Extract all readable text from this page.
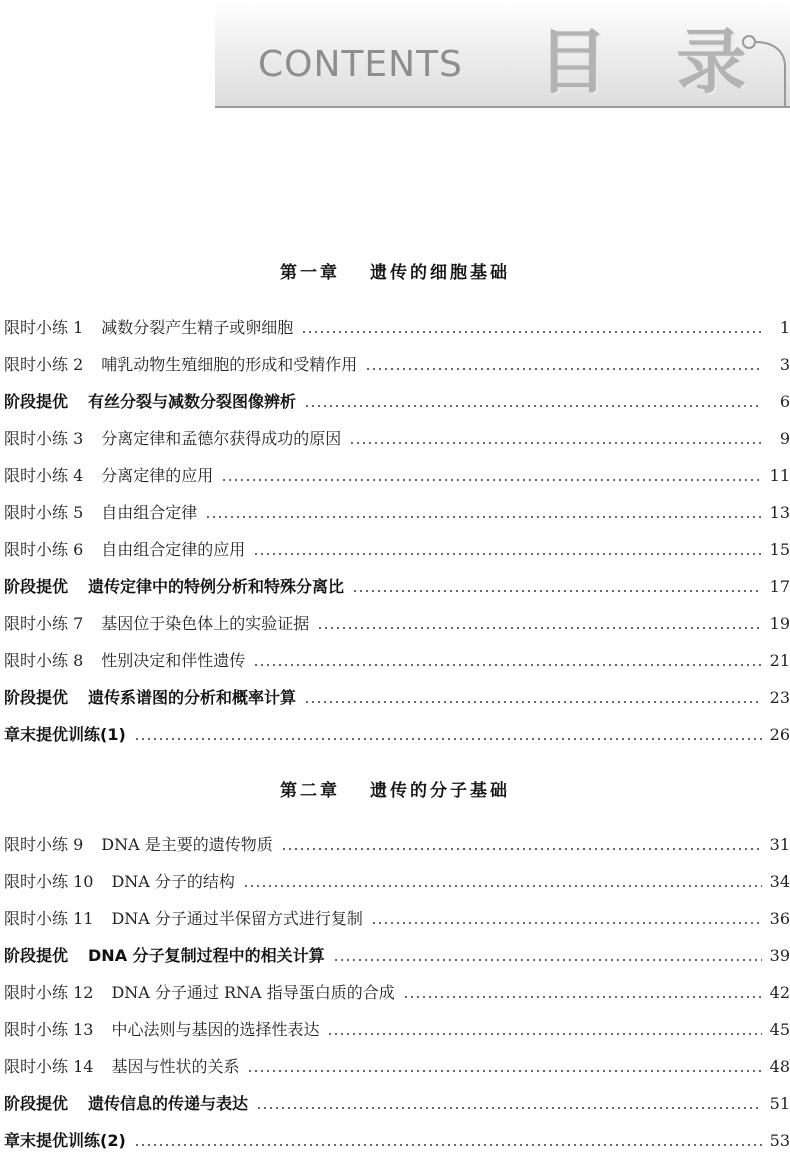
CONTENTS 目 录
第一章 遗传的细胞基础
限时小练 1 减数分裂产生精子或卵细胞	1
限时小练 2 哺乳动物生殖细胞的形成和受精作用	3
阶段提优 有丝分裂与减数分裂图像辨析	6
限时小练 3 分离定律和孟德尔获得成功的原因	9
限时小练 4 分离定律的应用	11
限时小练 5 自由组合定律	13
限时小练 6 自由组合定律的应用	15
阶段提优 遗传定律中的特例分析和特殊分离比	17
限时小练 7 基因位于染色体上的实验证据	19
限时小练 8 性别决定和伴性遗传	21
阶段提优 遗传系谱图的分析和概率计算	23
章末提优训练(1)	26
第二章 遗传的分子基础
限时小练 9 DNA 是主要的遗传物质	31
限时小练 10 DNA 分子的结构	34
限时小练 11 DNA 分子通过半保留方式进行复制	36
阶段提优 DNA 分子复制过程中的相关计算	39
限时小练 12 DNA 分子通过 RNA 指导蛋白质的合成	42
限时小练 13 中心法则与基因的选择性表达	45
限时小练 14 基因与性状的关系	48
阶段提优 遗传信息的传递与表达	51
章末提优训练(2)	53
